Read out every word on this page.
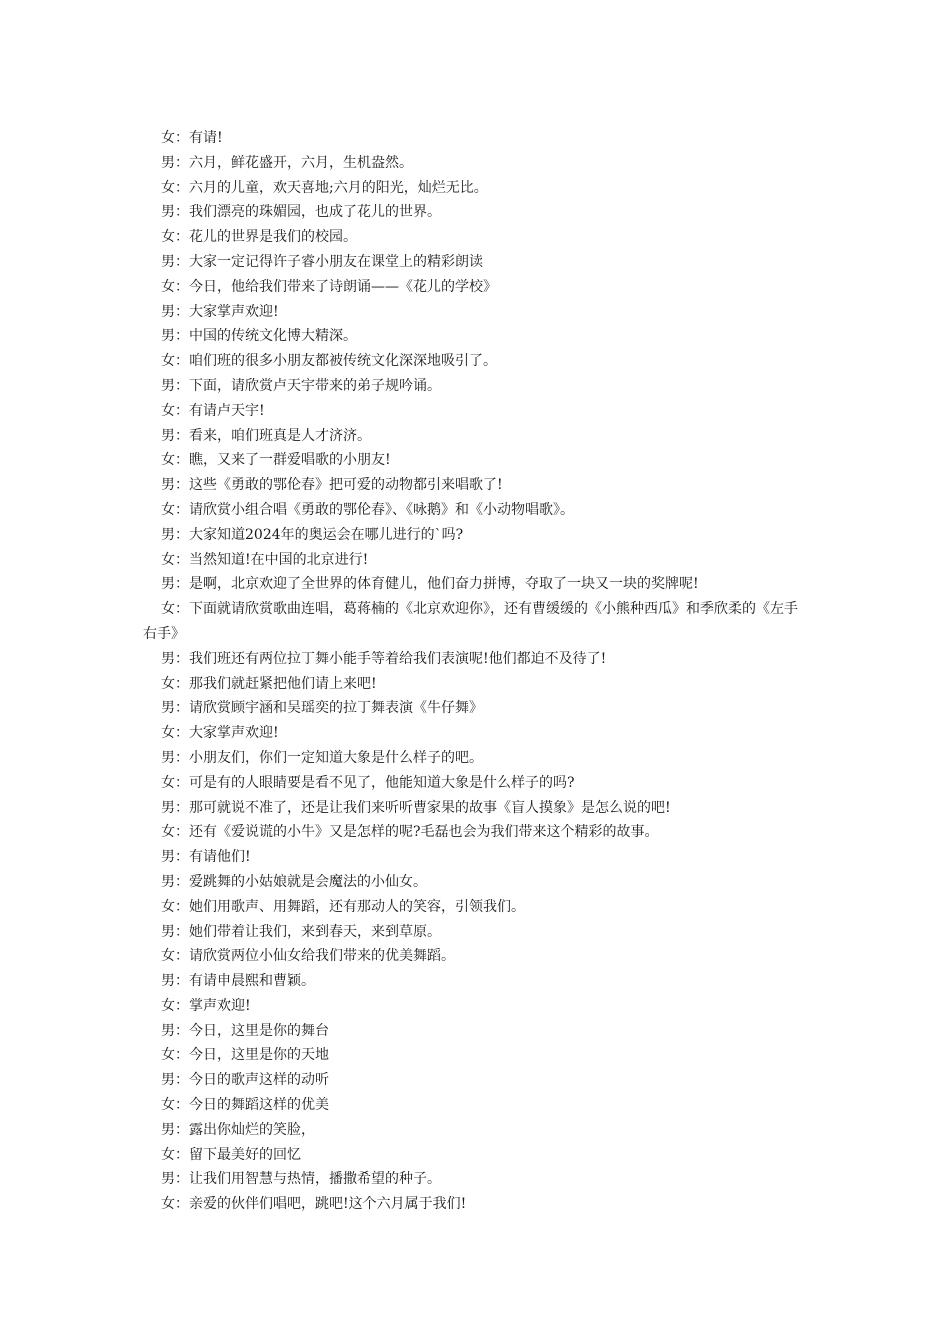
女：有请!

男：六月，鲜花盛开，六月，生机盎然。

女：六月的儿童，欢天喜地;六月的阳光，灿烂无比。

男：我们漂亮的珠媚园，也成了花儿的世界。

女：花儿的世界是我们的校园。

男：大家一定记得许子睿小朋友在课堂上的精彩朗读

女：今日，他给我们带来了诗朗诵——《花儿的学校》

男：大家掌声欢迎!

男：中国的传统文化博大精深。

女：咱们班的很多小朋友都被传统文化深深地吸引了。

男：下面，请欣赏卢天宇带来的弟子规吟诵。

女：有请卢天宇!

男：看来，咱们班真是人才济济。

女：瞧，又来了一群爱唱歌的小朋友!

男：这些《勇敢的鄂伦春》把可爱的动物都引来唱歌了!

女：请欣赏小组合唱《勇敢的鄂伦春》、《咏鹅》和《小动物唱歌》。

男：大家知道2024年的奥运会在哪儿进行的`吗?

女：当然知道!在中国的北京进行!

男：是啊，北京欢迎了全世界的体育健儿，他们奋力拼博，夺取了一块又一块的奖牌呢!

女：下面就请欣赏歌曲连唱，葛蒋楠的《北京欢迎你》，还有曹缓缓的《小熊种西瓜》和季欣柔的《左手右手》

男：我们班还有两位拉丁舞小能手等着给我们表演呢!他们都迫不及待了!

女：那我们就赶紧把他们请上来吧!

男：请欣赏顾宇涵和吴瑶奕的拉丁舞表演《牛仔舞》

女：大家掌声欢迎!

男：小朋友们，你们一定知道大象是什么样子的吧。

女：可是有的人眼睛要是看不见了，他能知道大象是什么样子的吗?

男：那可就说不准了，还是让我们来听听曹家果的故事《盲人摸象》是怎么说的吧!

女：还有《爱说谎的小牛》又是怎样的呢?毛磊也会为我们带来这个精彩的故事。

男：有请他们!

男：爱跳舞的小姑娘就是会魔法的小仙女。

女：她们用歌声、用舞蹈，还有那动人的笑容，引领我们。

男：她们带着让我们，来到春天，来到草原。

女：请欣赏两位小仙女给我们带来的优美舞蹈。

男：有请申晨熙和曹颖。

女：掌声欢迎!

男：今日，这里是你的舞台

女：今日，这里是你的天地

男：今日的歌声这样的动听

女：今日的舞蹈这样的优美

男：露出你灿烂的笑脸，

女：留下最美好的回忆

男：让我们用智慧与热情，播撒希望的种子。

女：亲爱的伙伴们唱吧，跳吧!这个六月属于我们!
